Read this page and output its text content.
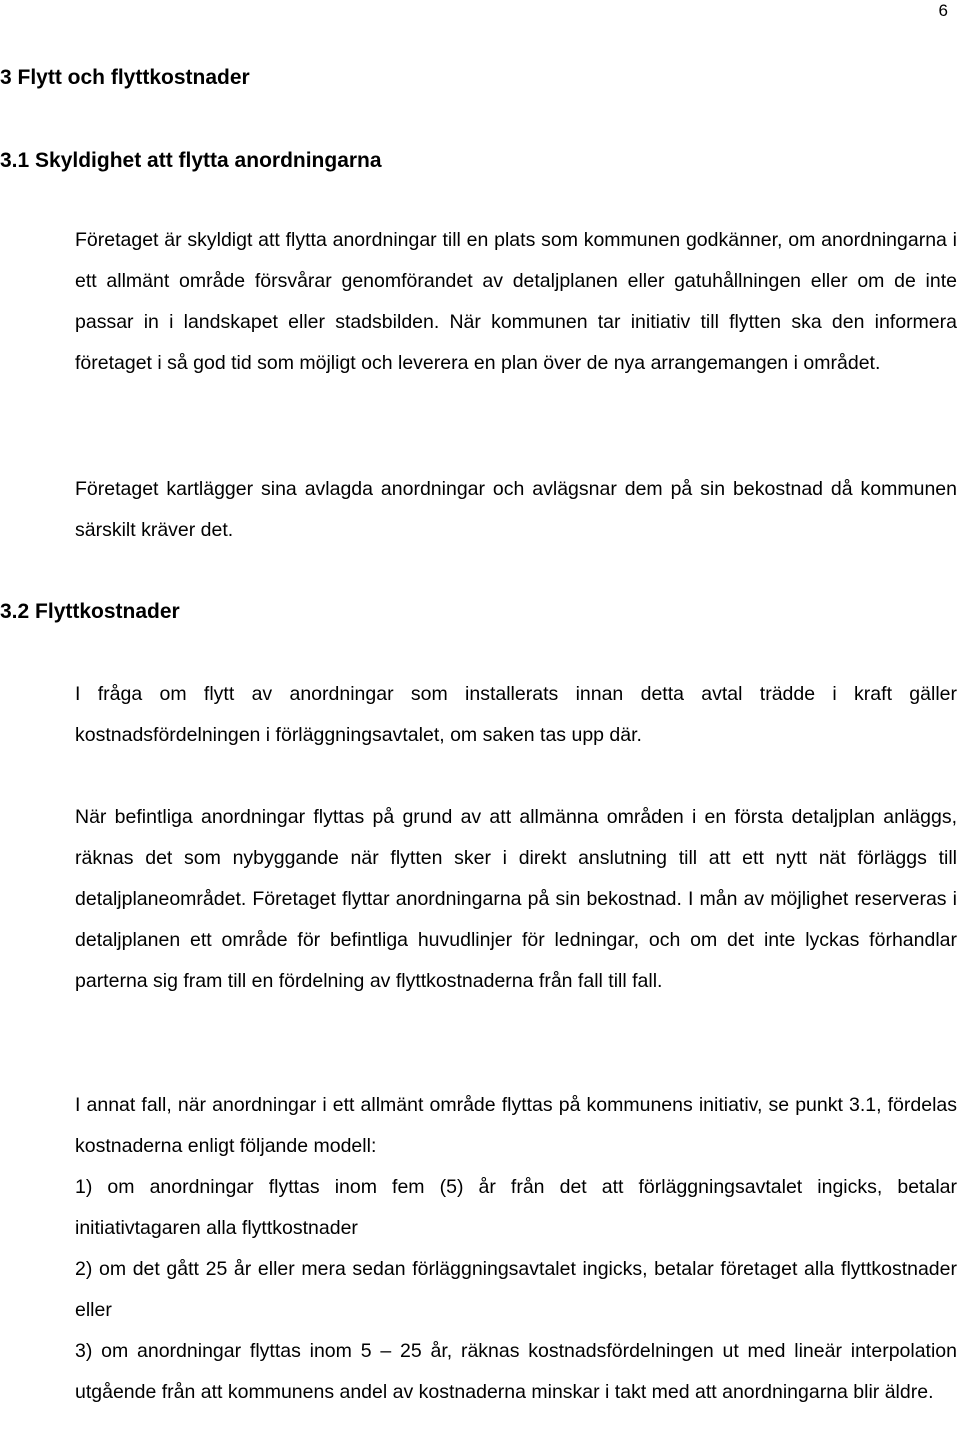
6
3 Flytt och flyttkostnader
3.1 Skyldighet att flytta anordningarna

Företaget är skyldigt att flytta anordningar till en plats som kommunen godkänner, om anordningarna i ett allmänt område försvårar genomförandet av detaljplanen eller gatuhållningen eller om de inte passar in i landskapet eller stadsbilden. När kommunen tar initiativ till flytten ska den informera företaget i så god tid som möjligt och leverera en plan över de nya arrangemangen i området.

Företaget kartlägger sina avlagda anordningar och avlägsnar dem på sin bekostnad då kommunen särskilt kräver det.

3.2 Flyttkostnader

I fråga om flytt av anordningar som installerats innan detta avtal trädde i kraft gäller kostnadsfördelningen i förläggningsavtalet, om saken tas upp där.

När befintliga anordningar flyttas på grund av att allmänna områden i en första detaljplan anläggs, räknas det som nybyggande när flytten sker i direkt anslutning till att ett nytt nät förläggs till detaljplaneområdet. Företaget flyttar anordningarna på sin bekostnad. I mån av möjlighet reserveras i detaljplanen ett område för befintliga huvudlinjer för ledningar, och om det inte lyckas förhandlar parterna sig fram till en fördelning av flyttkostnaderna från fall till fall.

I annat fall, när anordningar i ett allmänt område flyttas på kommunens initiativ, se punkt 3.1, fördelas kostnaderna enligt följande modell:

1) om anordningar flyttas inom fem (5) år från det att förläggningsavtalet ingicks, betalar initiativtagaren alla flyttkostnader

2) om det gått 25 år eller mera sedan förläggningsavtalet ingicks, betalar företaget alla flyttkostnader eller

3) om anordningar flyttas inom 5 – 25 år, räknas kostnadsfördelningen ut med lineär interpolation utgående från att kommunens andel av kostnaderna minskar i takt med att anordningarna blir äldre.
